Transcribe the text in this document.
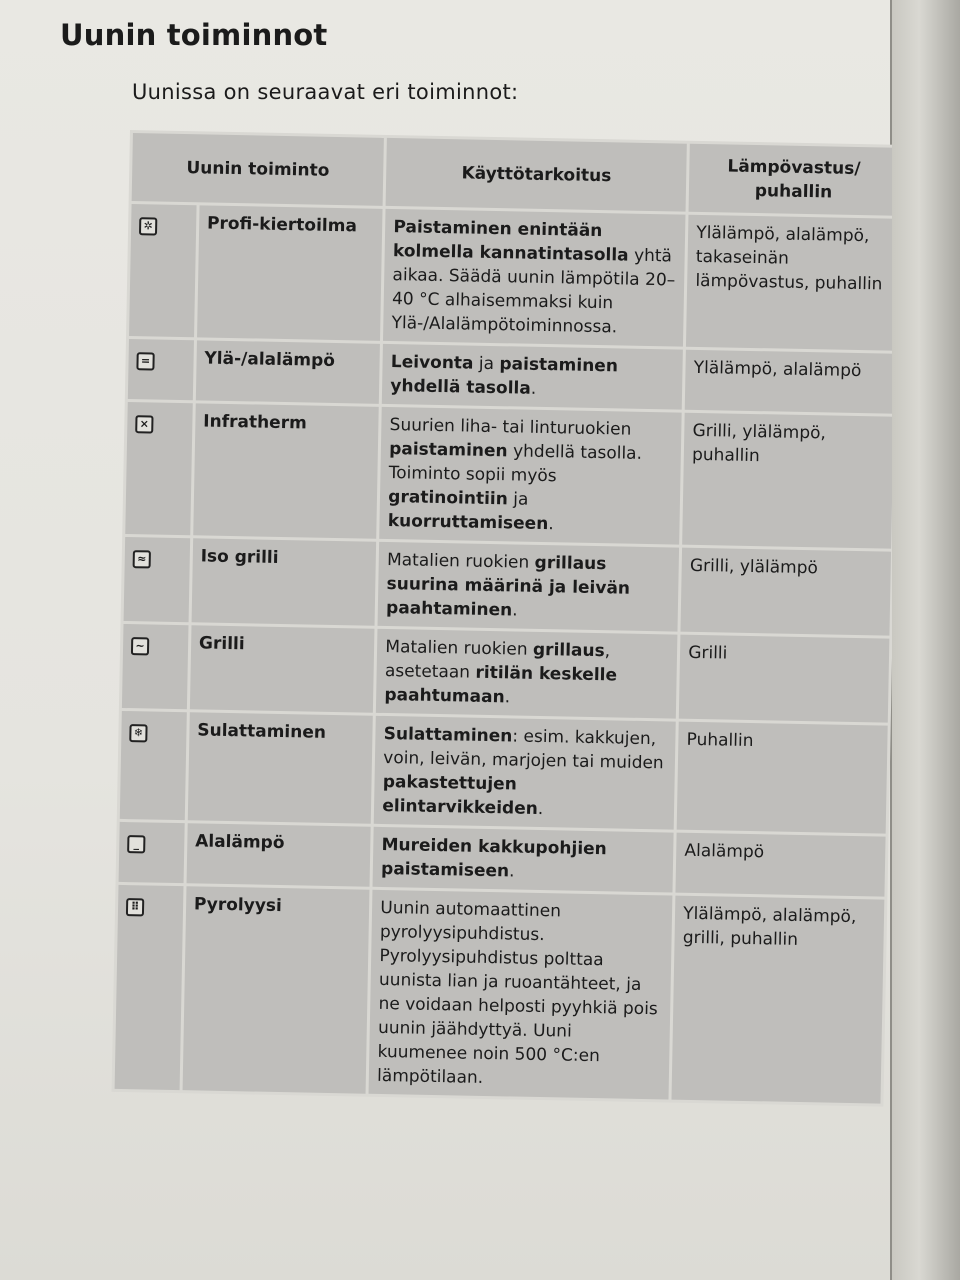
Uunin toiminnot
Uunissa on seuraavat eri toiminnot:
Uunin toiminto		Käyttötarkoitus	Lämpövastus/ puhallin
✲	Profi-kiertoilma	Paistaminen enintään kolmella kannatintasolla yhtä aikaa. Säädä uunin lämpötila 20–40 °C alhaisemmaksi kuin Ylä-/Alalämpötoiminnossa.	Ylälämpö, alalämpö, takaseinän lämpövastus, puhallin
=	Ylä-/alalämpö	Leivonta ja paistaminen yhdellä tasolla.	Ylälämpö, alalämpö
⨯	Infratherm	Suurien liha- tai linturuokien paistaminen yhdellä tasolla. Toiminto sopii myös gratinointiin ja kuorruttamiseen.	Grilli, ylälämpö, puhallin
≈	Iso grilli	Matalien ruokien grillaus suurina määrinä ja leivän paahtaminen.	Grilli, ylälämpö
~	Grilli	Matalien ruokien grillaus, asetetaan ritilän keskelle paahtumaan.	Grilli
❄	Sulattaminen	Sulattaminen: esim. kakkujen, voin, leivän, marjojen tai muiden pakastettujen elintarvikkeiden.	Puhallin
_	Alalämpö	Mureiden kakkupohjien paistamiseen.	Alalämpö
⠿	Pyrolyysi	Uunin automaattinen pyrolyysipuhdistus. Pyrolyysipuhdistus polttaa uunista lian ja ruoantähteet, ja ne voidaan helposti pyyhkiä pois uunin jäähdyttyä. Uuni kuumenee noin 500 °C:en lämpötilaan.	Ylälämpö, alalämpö, grilli, puhallin
